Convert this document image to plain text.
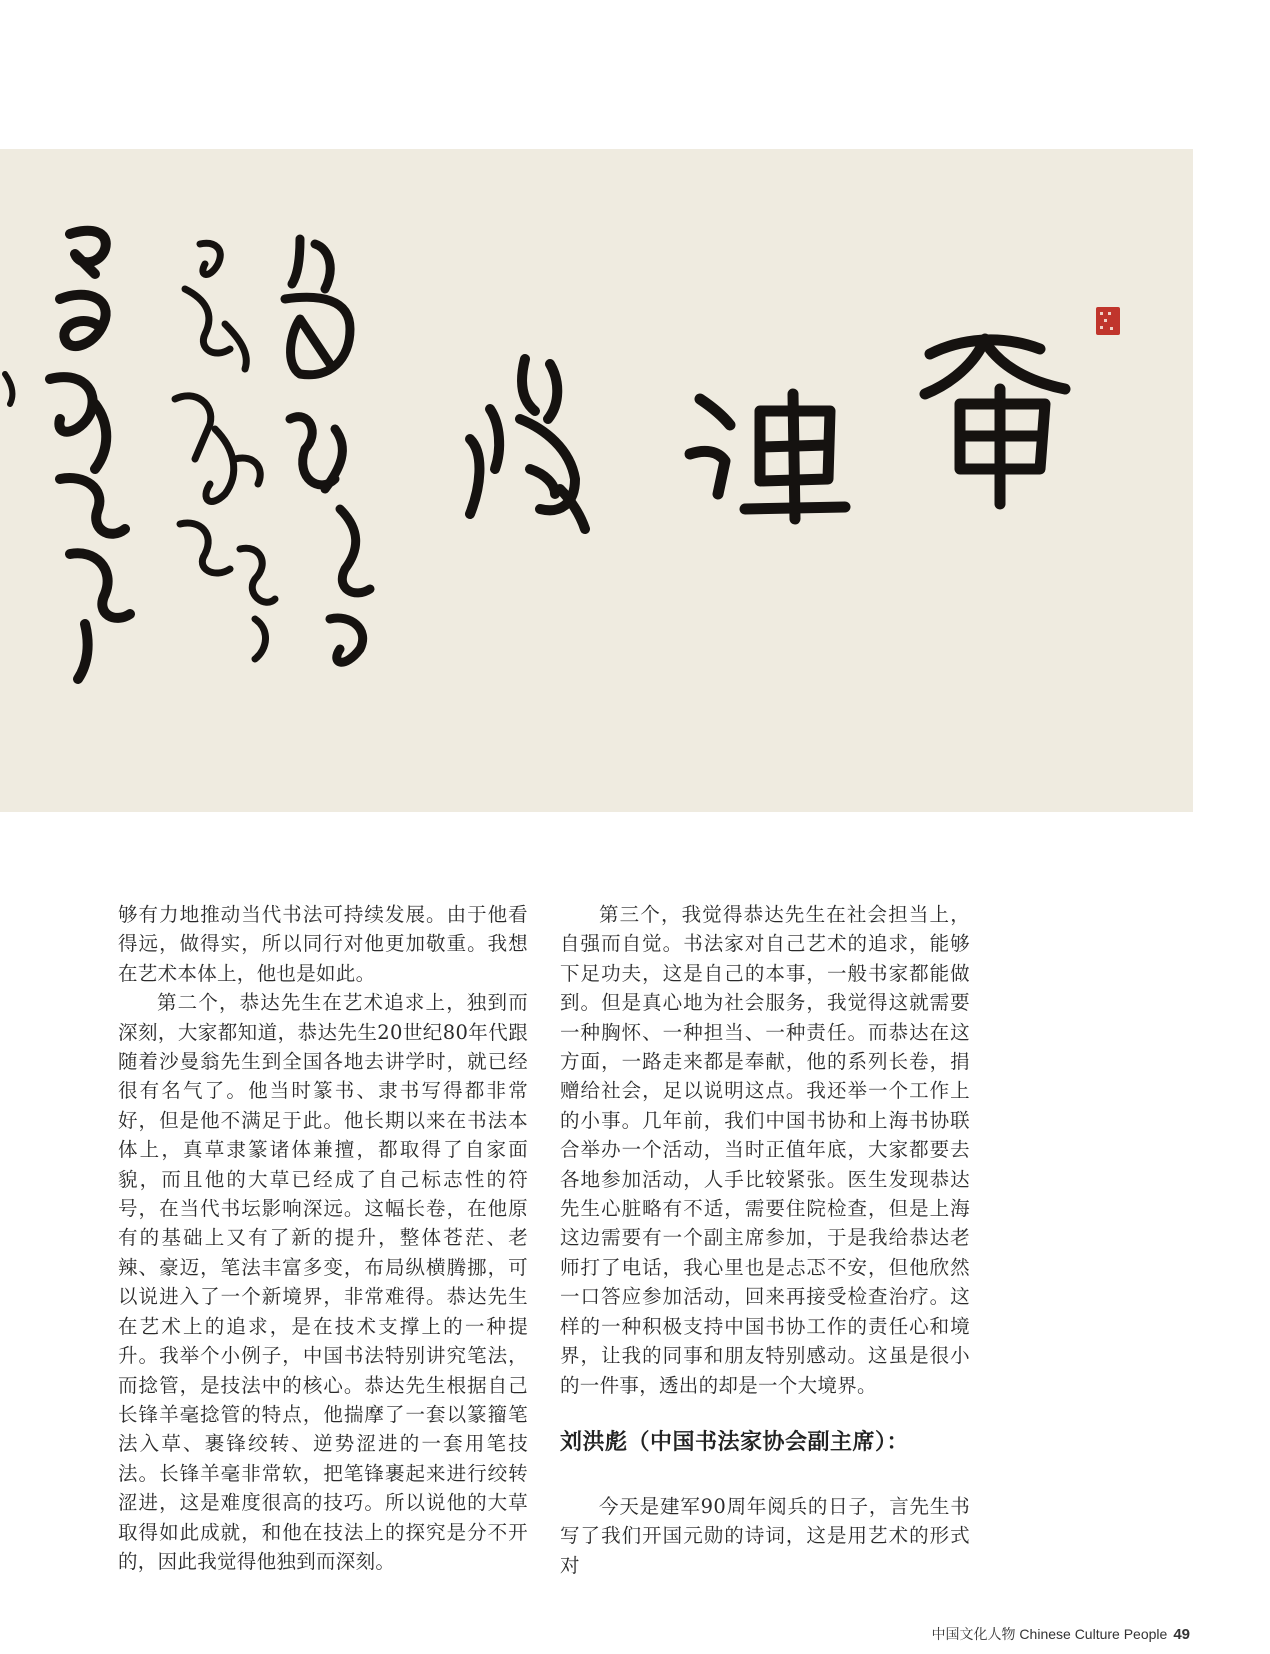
够有力地推动当代书法可持续发展。由于他看得远，做得实，所以同行对他更加敬重。我想在艺术本体上，他也是如此。

第二个，恭达先生在艺术追求上，独到而深刻，大家都知道，恭达先生20世纪80年代跟随着沙曼翁先生到全国各地去讲学时，就已经很有名气了。他当时篆书、隶书写得都非常好，但是他不满足于此。他长期以来在书法本体上，真草隶篆诸体兼擅，都取得了自家面貌，而且他的大草已经成了自己标志性的符号，在当代书坛影响深远。这幅长卷，在他原有的基础上又有了新的提升，整体苍茫、老辣、豪迈，笔法丰富多变，布局纵横腾挪，可以说进入了一个新境界，非常难得。恭达先生在艺术上的追求，是在技术支撑上的一种提升。我举个小例子，中国书法特别讲究笔法，而捻管，是技法中的核心。恭达先生根据自己长锋羊毫捻管的特点，他揣摩了一套以篆籀笔法入草、裹锋绞转、逆势涩进的一套用笔技法。长锋羊毫非常软，把笔锋裹起来进行绞转涩进，这是难度很高的技巧。所以说他的大草取得如此成就，和他在技法上的探究是分不开的，因此我觉得他独到而深刻。

第三个，我觉得恭达先生在社会担当上，自强而自觉。书法家对自己艺术的追求，能够下足功夫，这是自己的本事，一般书家都能做到。但是真心地为社会服务，我觉得这就需要一种胸怀、一种担当、一种责任。而恭达在这方面，一路走来都是奉献，他的系列长卷，捐赠给社会，足以说明这点。我还举一个工作上的小事。几年前，我们中国书协和上海书协联合举办一个活动，当时正值年底，大家都要去各地参加活动，人手比较紧张。医生发现恭达先生心脏略有不适，需要住院检查，但是上海这边需要有一个副主席参加，于是我给恭达老师打了电话，我心里也是忐忑不安，但他欣然一口答应参加活动，回来再接受检查治疗。这样的一种积极支持中国书协工作的责任心和境界，让我的同事和朋友特别感动。这虽是很小的一件事，透出的却是一个大境界。

刘洪彪（中国书法家协会副主席）：

今天是建军90周年阅兵的日子，言先生书写了我们开国元勋的诗词，这是用艺术的形式对

中国文化人物 Chinese Culture People 49
